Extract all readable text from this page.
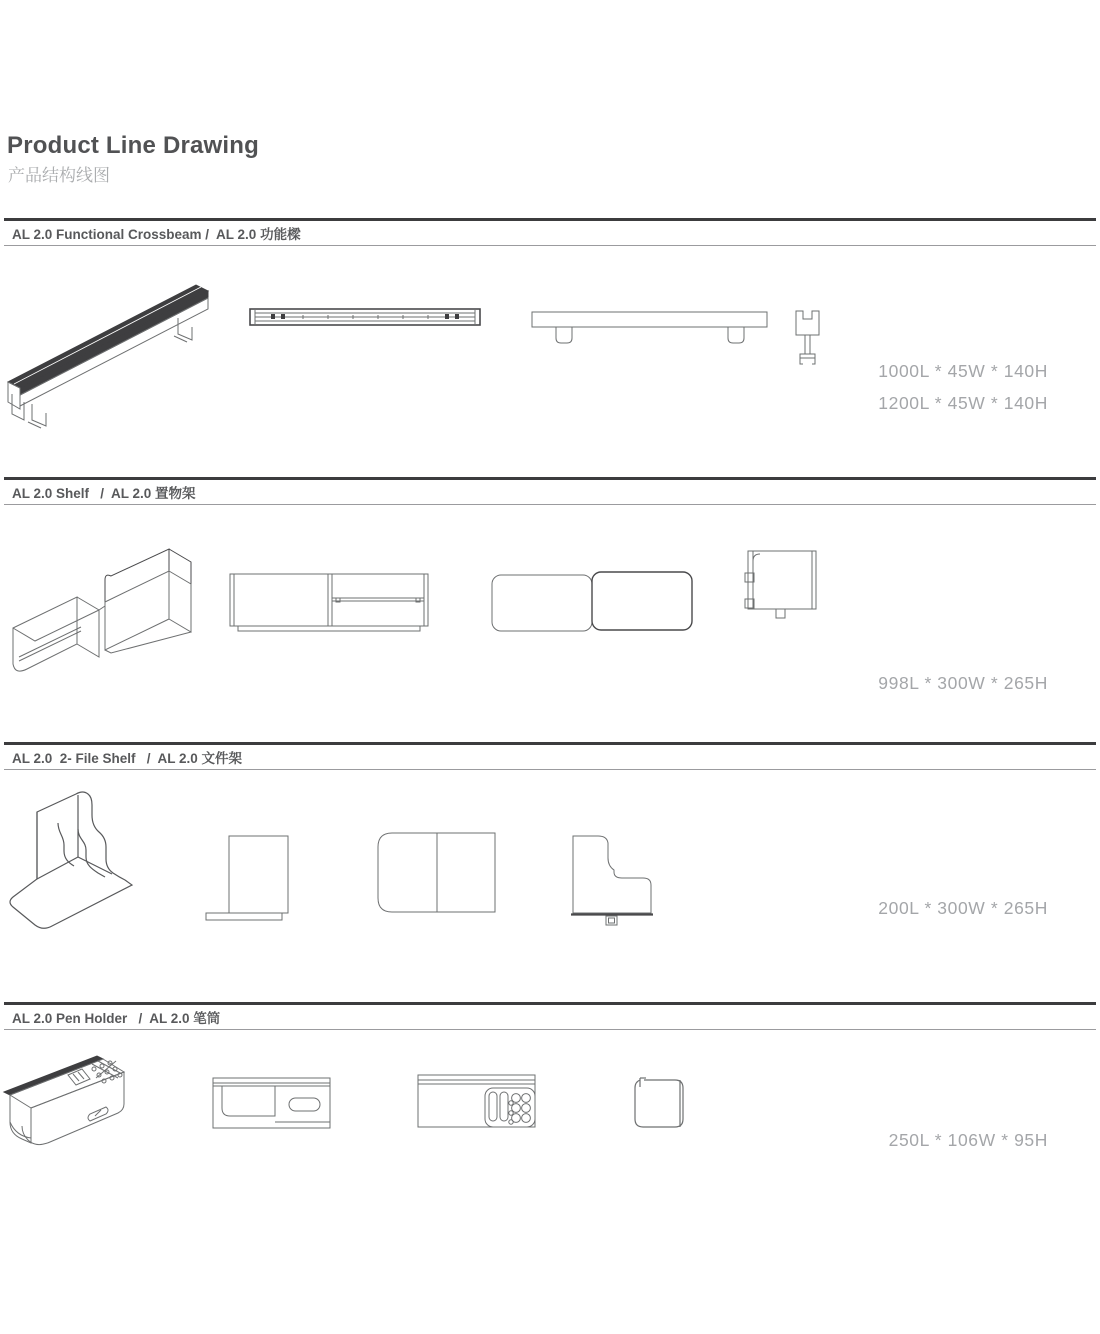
Product Line Drawing
产品结构线图
AL 2.0 Functional Crossbeam /  AL 2.0 功能樑
1000L * 45W * 140H
1200L * 45W * 140H
AL 2.0 Shelf   /  AL 2.0 置物架
998L * 300W * 265H
AL 2.0  2- File Shelf   /  AL 2.0 文件架
200L * 300W * 265H
AL 2.0 Pen Holder   /  AL 2.0 笔筒
250L * 106W * 95H
